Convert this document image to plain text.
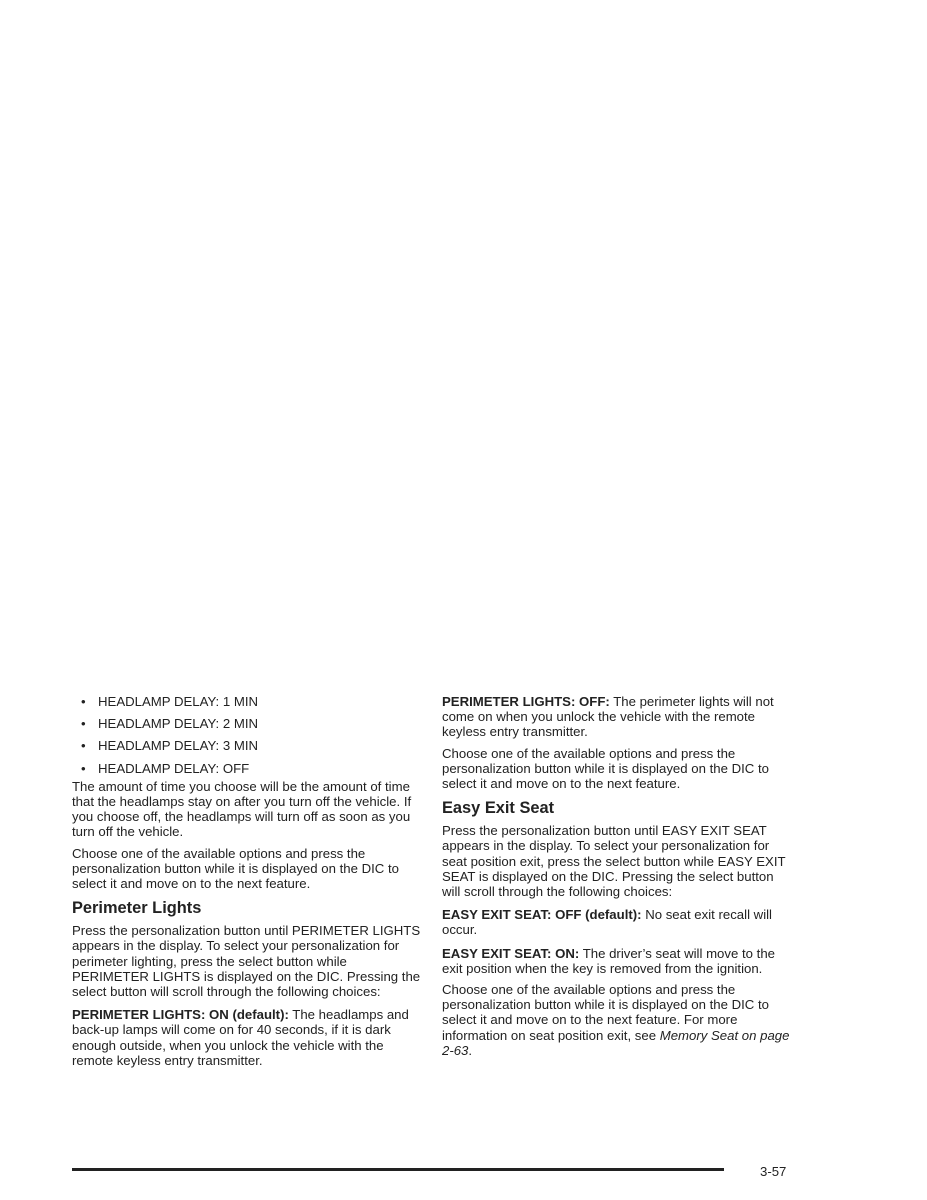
• HEADLAMP DELAY: 1 MIN
• HEADLAMP DELAY: 2 MIN
• HEADLAMP DELAY: 3 MIN
• HEADLAMP DELAY: OFF

The amount of time you choose will be the amount of time that the headlamps stay on after you turn off the vehicle. If you choose off, the headlamps will turn off as soon as you turn off the vehicle.

Choose one of the available options and press the personalization button while it is displayed on the DIC to select it and move on to the next feature.

Perimeter Lights

Press the personalization button until PERIMETER LIGHTS appears in the display. To select your personalization for perimeter lighting, press the select button while PERIMETER LIGHTS is displayed on the DIC. Pressing the select button will scroll through the following choices:

PERIMETER LIGHTS: ON (default): The headlamps and back-up lamps will come on for 40 seconds, if it is dark enough outside, when you unlock the vehicle with the remote keyless entry transmitter.

PERIMETER LIGHTS: OFF: The perimeter lights will not come on when you unlock the vehicle with the remote keyless entry transmitter.

Choose one of the available options and press the personalization button while it is displayed on the DIC to select it and move on to the next feature.

Easy Exit Seat

Press the personalization button until EASY EXIT SEAT appears in the display. To select your personalization for seat position exit, press the select button while EASY EXIT SEAT is displayed on the DIC. Pressing the select button will scroll through the following choices:

EASY EXIT SEAT: OFF (default): No seat exit recall will occur.

EASY EXIT SEAT: ON: The driver’s seat will move to the exit position when the key is removed from the ignition.

Choose one of the available options and press the personalization button while it is displayed on the DIC to select it and move on to the next feature. For more information on seat position exit, see Memory Seat on page 2-63.

3-57
